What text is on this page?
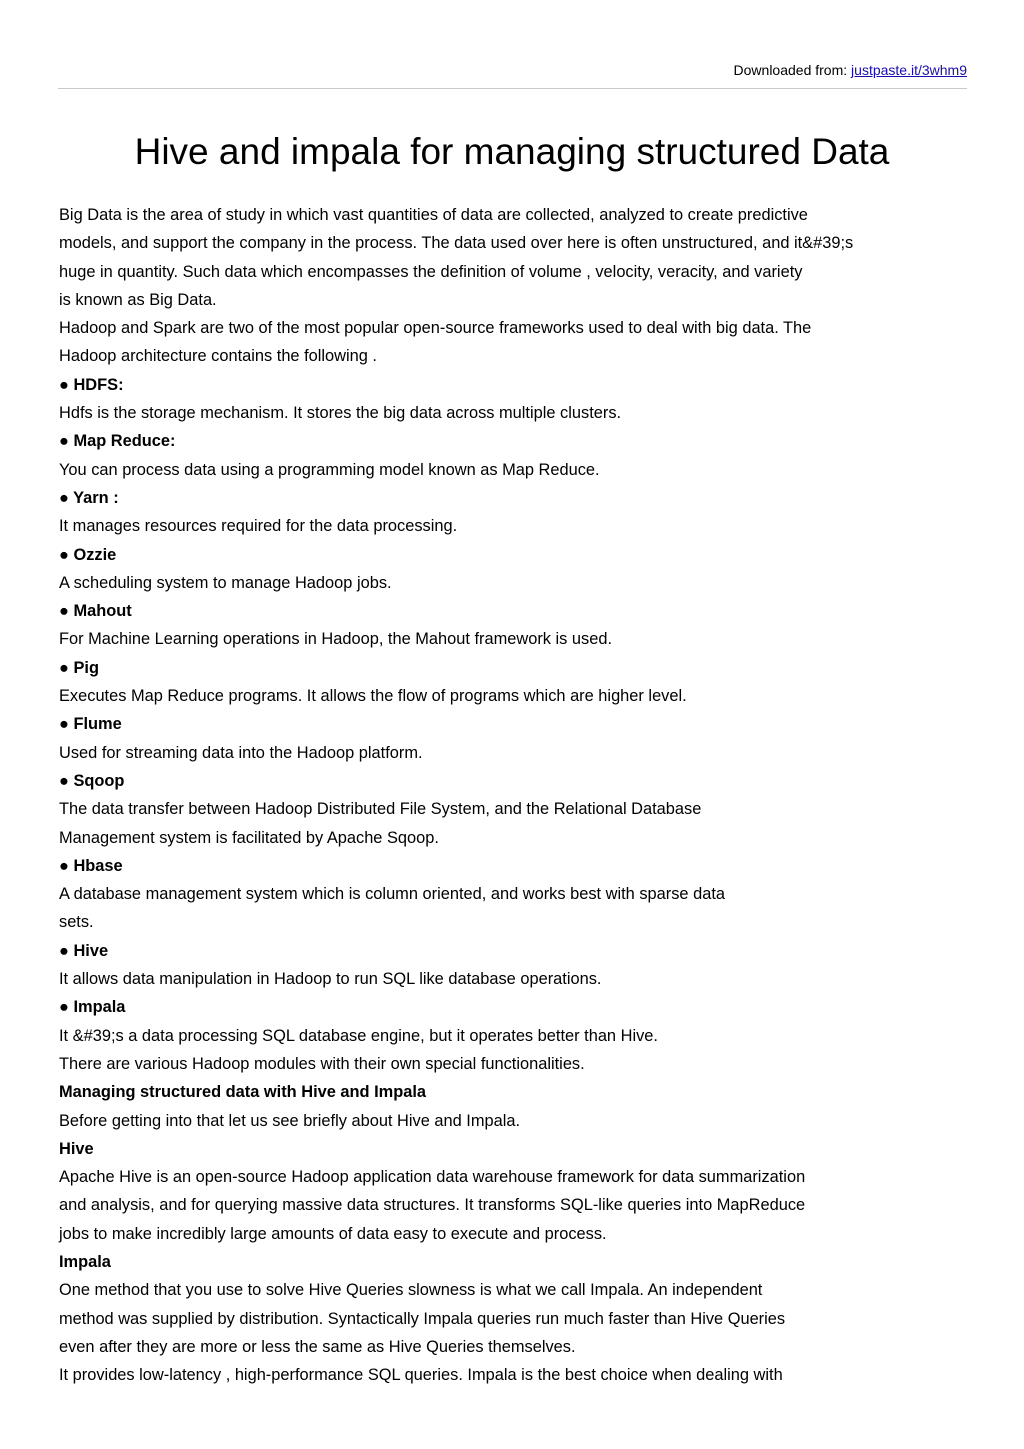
Downloaded from: justpaste.it/3whm9
Hive and impala for managing structured Data
Big Data is the area of study in which vast quantities of data are collected, analyzed to create predictive
models, and support the company in the process. The data used over here is often unstructured, and it&#39;s
huge in quantity. Such data which encompasses the definition of volume , velocity, veracity, and variety
is known as Big Data.
Hadoop and Spark are two of the most popular open-source frameworks used to deal with big data. The
Hadoop architecture contains the following .
● HDFS:
Hdfs is the storage mechanism. It stores the big data across multiple clusters.
● Map Reduce:
You can process data using a programming model known as Map Reduce.
● Yarn :
It manages resources required for the data processing.
● Ozzie
A scheduling system to manage Hadoop jobs.
● Mahout
For Machine Learning operations in Hadoop, the Mahout framework is used.
● Pig
Executes Map Reduce programs. It allows the flow of programs which are higher level.
● Flume
Used for streaming data into the Hadoop platform.
● Sqoop
The data transfer between Hadoop Distributed File System, and the Relational Database
Management system is facilitated by Apache Sqoop.
● Hbase
A database management system which is column oriented, and works best with sparse data
sets.
● Hive
It allows data manipulation in Hadoop to run SQL like database operations.
● Impala
It &#39;s a data processing SQL database engine, but it operates better than Hive.
There are various Hadoop modules with their own special functionalities.
Managing structured data with Hive and Impala
Before getting into that let us see briefly about Hive and Impala.
Hive
Apache Hive is an open-source Hadoop application data warehouse framework for data summarization
and analysis, and for querying massive data structures. It transforms SQL-like queries into MapReduce
jobs to make incredibly large amounts of data easy to execute and process.
Impala
One method that you use to solve Hive Queries slowness is what we call Impala. An independent
method was supplied by distribution. Syntactically Impala queries run much faster than Hive Queries
even after they are more or less the same as Hive Queries themselves.
It provides low-latency , high-performance SQL queries. Impala is the best choice when dealing with
